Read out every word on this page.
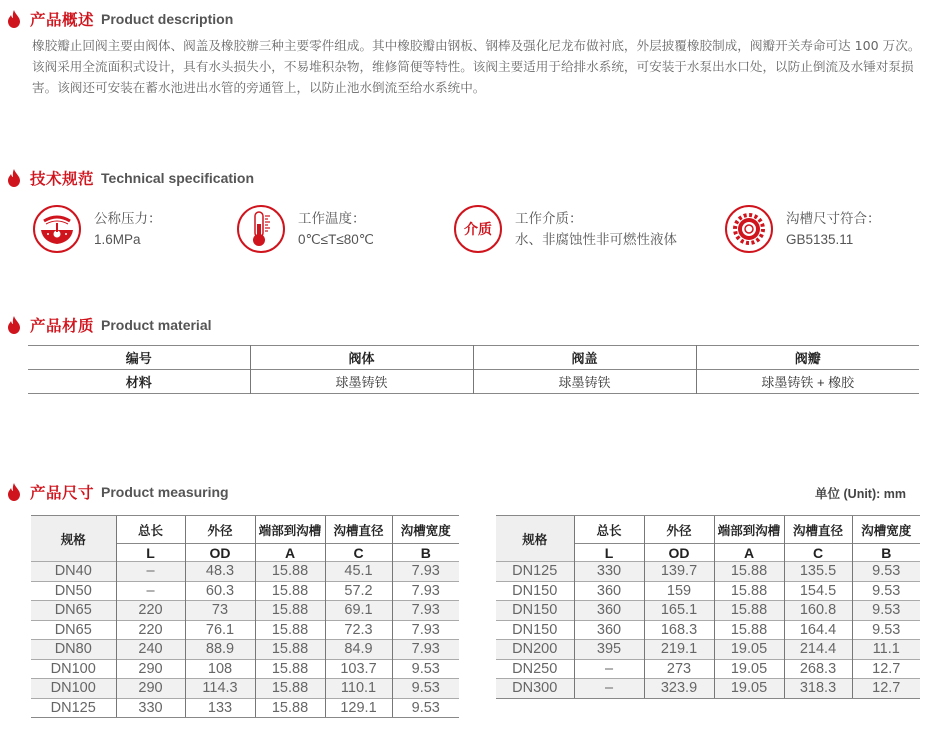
产品概述 Product description
橡胶瓣止回阀主要由阀体、阀盖及橡胶辦三种主要零件组成。其中橡胶瓣由钢板、钢棒及强化尼龙布做衬底，外层披覆橡胶制成，阀瓣开关寿命可达 100 万次。该阀采用全流面积式设计，具有水头损失小，不易堆积杂物，维修简便等特性。该阀主要适用于给排水系统，可安装于水泵出水口处，以防止倒流及水锤对泵损害。该阀还可安装在蓄水池进出水管的旁通管上，以防止池水倒流至给水系统中。
技术规范 Technical specification
公称压力：
1.6MPa
工作温度：
0℃≤T≤80℃
介质
工作介质：
水、非腐蚀性非可燃性液体
沟槽尺寸符合：
GB5135.11
产品材质 Product material
编号	阀体	阀盖	阀瓣
材料	球墨铸铁	球墨铸铁	球墨铸铁 + 橡胶
产品尺寸 Product measuring	单位 (Unit): mm
规格	总长	外径	端部到沟槽	沟槽直径	沟槽宽度
	L	OD	A	C	B
DN40	–	48.3	15.88	45.1	7.93
DN50	–	60.3	15.88	57.2	7.93
DN65	220	73	15.88	69.1	7.93
DN65	220	76.1	15.88	72.3	7.93
DN80	240	88.9	15.88	84.9	7.93
DN100	290	108	15.88	103.7	9.53
DN100	290	114.3	15.88	110.1	9.53
DN125	330	133	15.88	129.1	9.53
规格	总长	外径	端部到沟槽	沟槽直径	沟槽宽度
	L	OD	A	C	B
DN125	330	139.7	15.88	135.5	9.53
DN150	360	159	15.88	154.5	9.53
DN150	360	165.1	15.88	160.8	9.53
DN150	360	168.3	15.88	164.4	9.53
DN200	395	219.1	19.05	214.4	11.1
DN250	–	273	19.05	268.3	12.7
DN300	–	323.9	19.05	318.3	12.7
